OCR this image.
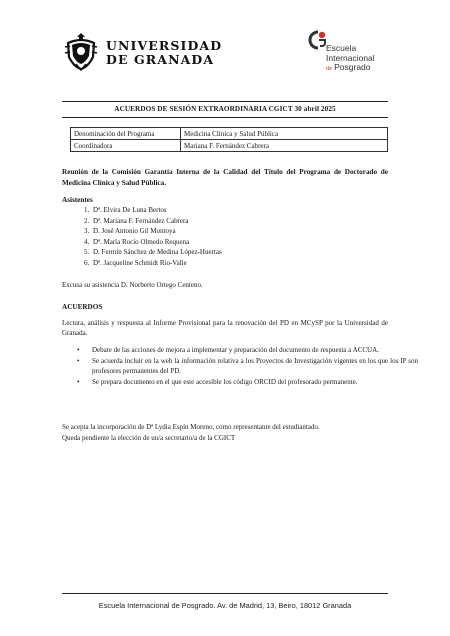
UNIVERSIDAD
DE GRANADA
Escuela
Internacional
de Posgrado
ACUERDOS DE SESIÓN EXTRAORDINARIA CGICT 30 abril 2025
Denominación del Programa	Medicina Clínica y Salud Pública
Coordinadora	Mariana F. Fernández Cabrera
Reunión de la Comisión Garantía Interna de la Calidad del Título del Programa de Doctorado de Medicina Clínica y Salud Pública.
Asistentes
1. Dª. Elvira De Luna Bertos
2. Dª. Mariana F. Fernández Cabrera
3. D. José Antonio Gil Montoya
4. Dª. María Rocío Olmedo Requena
5. D. Fermín Sánchez de Medina López-Huertas
6. Dª. Jacqueline Schmidt Rio-Valle
Excusa su asistencia D. Norberto Ortego Centeno.
ACUERDOS
Lectura, análisis y respuesta al Informe Provisional para la renovación del PD en MCySP por la Universidad de Granada.
• Debate de las acciones de mejora a implementar y preparación del documento de respuesta a ACCUA.
• Se acuerda incluir en la web la información relativa a los Proyectos de Investigación vigentes en los que los IP son profesores permanentes del PD.
• Se prepara documento en el que este accesible los código ORCID del profesorado permanente.
Se acepta la incorporación de Dª Lydia Espín Moreno, como representante del estudiantado.
Queda pendiente la elección de un/a secretario/a de la CGICT
Escuela Internacional de Posgrado. Av. de Madrid, 13, Beiro, 18012 Granada
